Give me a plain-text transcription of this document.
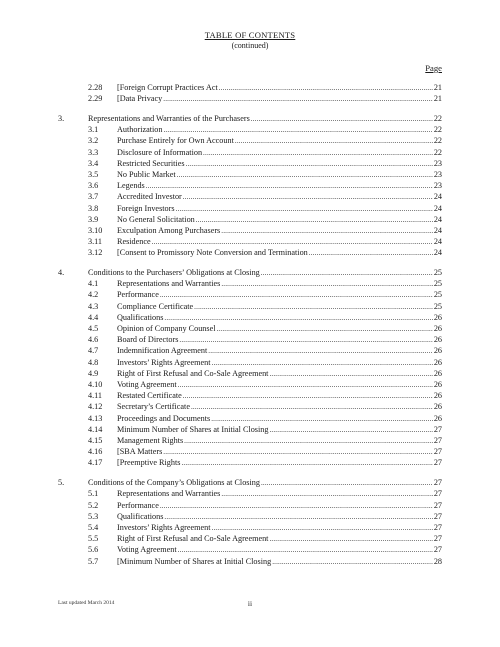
TABLE OF CONTENTS
(continued)
Page
2.28 [Foreign Corrupt Practices Act .....	21
2.29 [Data Privacy .....	21
3.	Representations and Warranties of the Purchasers .....	22
3.1 Authorization .....	22
3.2 Purchase Entirely for Own Account .....	22
3.3 Disclosure of Information .....	22
3.4 Restricted Securities .....	23
3.5 No Public Market .....	23
3.6 Legends .....	23
3.7 Accredited Investor .....	24
3.8 Foreign Investors .....	24
3.9 No General Solicitation .....	24
3.10 Exculpation Among Purchasers .....	24
3.11 Residence .....	24
3.12 [Consent to Promissory Note Conversion and Termination .....	24
4.	Conditions to the Purchasers’ Obligations at Closing .....	25
4.1 Representations and Warranties .....	25
4.2 Performance .....	25
4.3 Compliance Certificate .....	25
4.4 Qualifications .....	26
4.5 Opinion of Company Counsel .....	26
4.6 Board of Directors .....	26
4.7 Indemnification Agreement .....	26
4.8 Investors’ Rights Agreement .....	26
4.9 Right of First Refusal and Co-Sale Agreement .....	26
4.10 Voting Agreement .....	26
4.11 Restated Certificate .....	26
4.12 Secretary’s Certificate .....	26
4.13 Proceedings and Documents .....	26
4.14 Minimum Number of Shares at Initial Closing .....	27
4.15 Management Rights .....	27
4.16 [SBA Matters .....	27
4.17 [Preemptive Rights .....	27
5.	Conditions of the Company’s Obligations at Closing .....	27
5.1 Representations and Warranties .....	27
5.2 Performance .....	27
5.3 Qualifications .....	27
5.4 Investors’ Rights Agreement .....	27
5.5 Right of First Refusal and Co-Sale Agreement .....	27
5.6 Voting Agreement .....	27
5.7 [Minimum Number of Shares at Initial Closing .....	28
Last updated March 2014	ii
